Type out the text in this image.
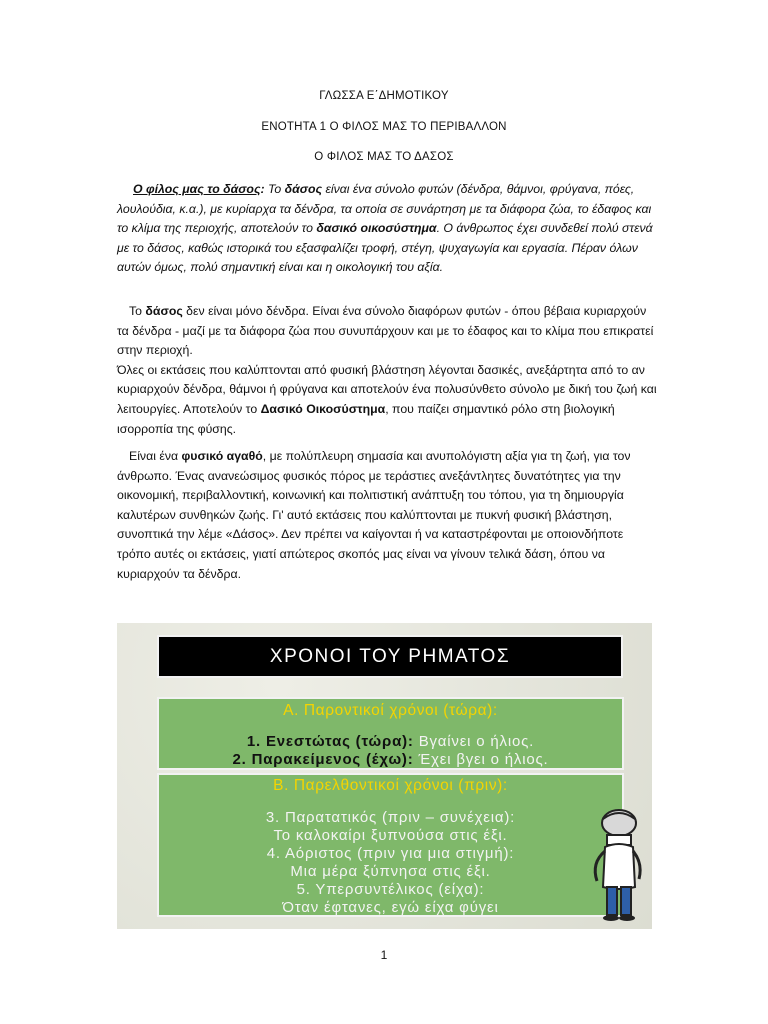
ΓΛΩΣΣΑ Ε΄ΔΗΜΟΤΙΚΟΥ
ΕΝΟΤΗΤΑ 1 Ο ΦΙΛΟΣ ΜΑΣ ΤΟ ΠΕΡΙΒΑΛΛΟΝ
Ο ΦΙΛΟΣ ΜΑΣ ΤΟ ΔΑΣΟΣ

Ο φίλος μας το δάσος: Το δάσος είναι ένα σύνολο φυτών (δένδρα, θάμνοι, φρύγανα, πόες, λουλούδια, κ.α.), με κυρίαρχα τα δένδρα, τα οποία σε συνάρτηση με τα διάφορα ζώα, το έδαφος και το κλίμα της περιοχής, αποτελούν το δασικό οικοσύστημα. Ο άνθρωπος έχει συνδεθεί πολύ στενά με το δάσος, καθώς ιστορικά του εξασφαλίζει τροφή, στέγη, ψυχαγωγία και εργασία. Πέραν όλων αυτών όμως, πολύ σημαντική είναι και η οικολογική του αξία.

Το δάσος δεν είναι μόνο δένδρα. Είναι ένα σύνολο διαφόρων φυτών - όπου βέβαια κυριαρχούν τα δένδρα - μαζί με τα διάφορα ζώα που συνυπάρχουν και με το έδαφος και το κλίμα που επικρατεί στην περιοχή.

Όλες οι εκτάσεις που καλύπτονται από φυσική βλάστηση λέγονται δασικές, ανεξάρτητα από το αν κυριαρχούν δένδρα, θάμνοι ή φρύγανα και αποτελούν ένα πολυσύνθετο σύνολο με δική του ζωή και λειτουργίες. Αποτελούν το Δασικό Οικοσύστημα, που παίζει σημαντικό ρόλο στη βιολογική ισορροπία της φύσης.

Είναι ένα φυσικό αγαθό, με πολύπλευρη σημασία και ανυπολόγιστη αξία για τη ζωή, για τον άνθρωπο. Ένας ανανεώσιμος φυσικός πόρος με τεράστιες ανεξάντλητες δυνατότητες για την οικονομική, περιβαλλοντική, κοινωνική και πολιτιστική ανάπτυξη του τόπου, για τη δημιουργία καλυτέρων συνθηκών ζωής. Γι' αυτό εκτάσεις που καλύπτονται με πυκνή φυσική βλάστηση, συνοπτικά την λέμε «Δάσος». Δεν πρέπει να καίγονται ή να καταστρέφονται με οποιονδήποτε τρόπο αυτές οι εκτάσεις, γιατί απώτερος σκοπός μας είναι να γίνουν τελικά δάση, όπου να κυριαρχούν τα δένδρα.

ΧΡΟΝΟΙ ΤΟΥ ΡΗΜΑΤΟΣ
Α. Παροντικοί χρόνοι (τώρα):
1. Ενεστώτας (τώρα): Βγαίνει ο ήλιος.
2. Παρακείμενος (έχω): Έχει βγει ο ήλιος.
Β. Παρελθοντικοί χρόνοι (πριν):
3. Παρατατικός (πριν – συνέχεια):
Το καλοκαίρι ξυπνούσα στις έξι.
4. Αόριστος (πριν για μια στιγμή):
Μια μέρα ξύπνησα στις έξι.
5. Υπερσυντέλικος (είχα):
Όταν έφτανες, εγώ είχα φύγει
1
